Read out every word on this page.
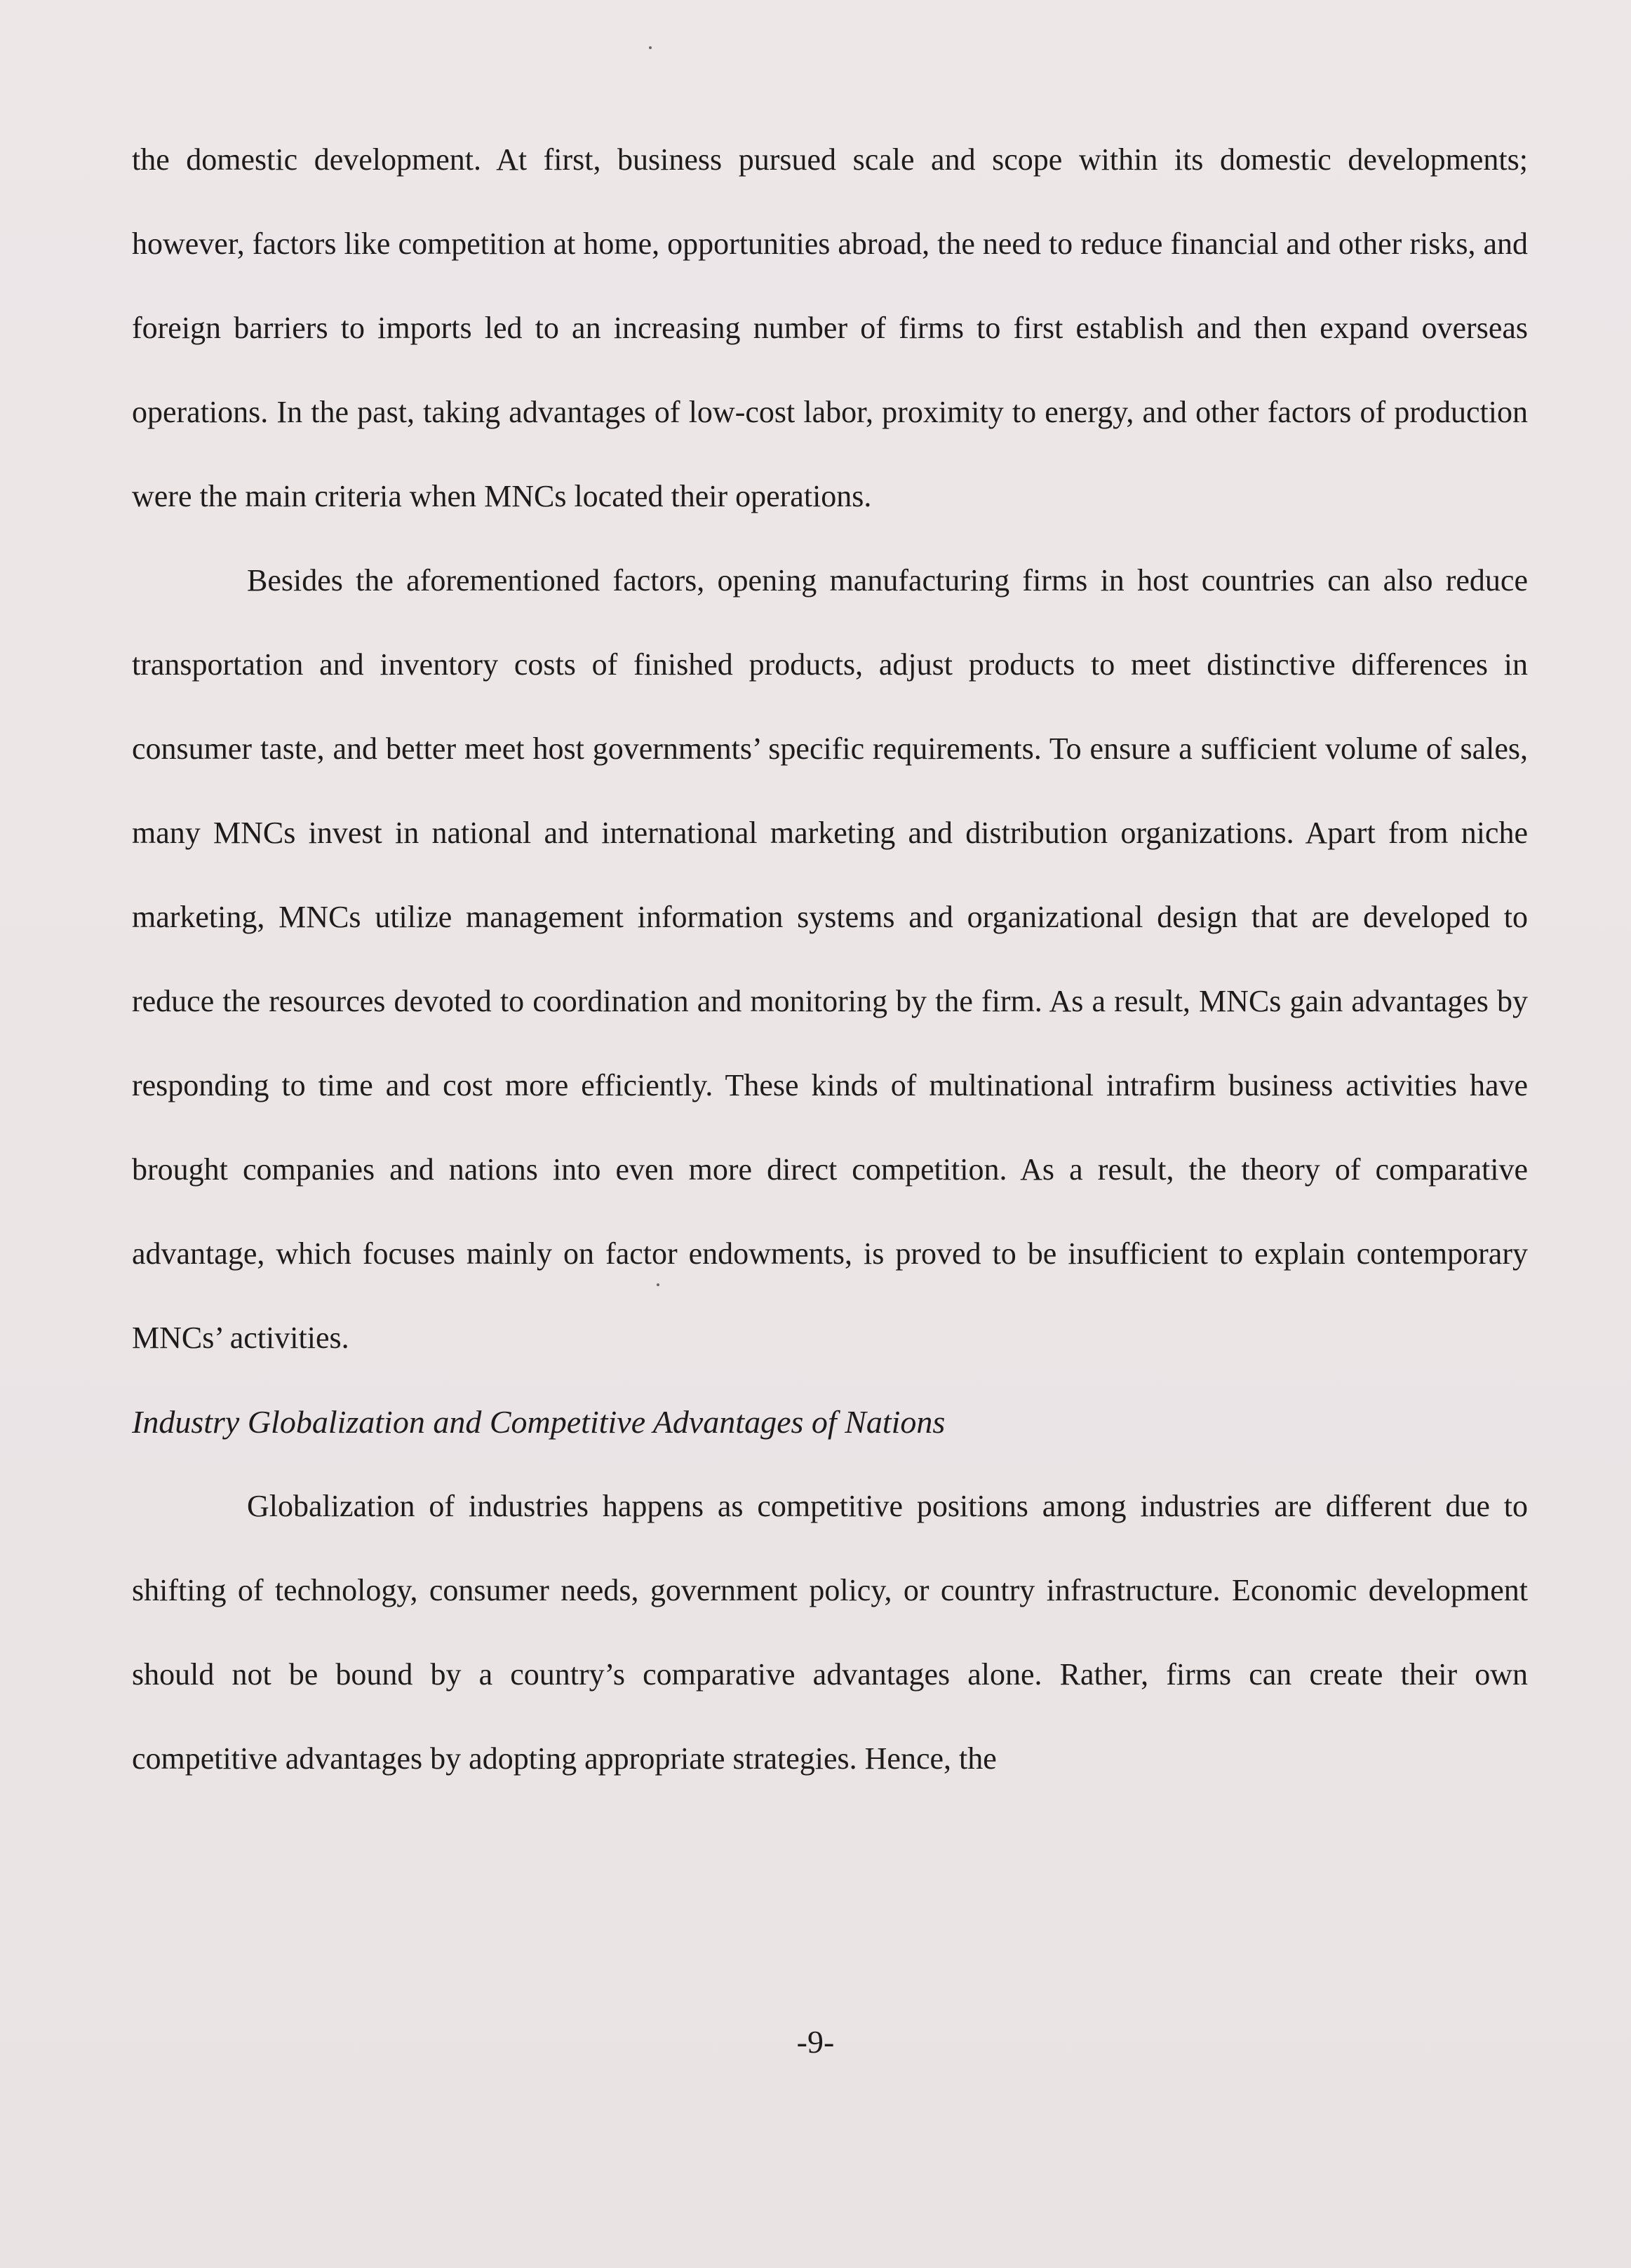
the domestic development. At first, business pursued scale and scope within its domestic developments; however, factors like competition at home, opportunities abroad, the need to reduce financial and other risks, and foreign barriers to imports led to an increasing number of firms to first establish and then expand overseas operations. In the past, taking advantages of low-cost labor, proximity to energy, and other factors of production were the main criteria when MNCs located their operations.

Besides the aforementioned factors, opening manufacturing firms in host countries can also reduce transportation and inventory costs of finished products, adjust products to meet distinctive differences in consumer taste, and better meet host governments’ specific requirements. To ensure a sufficient volume of sales, many MNCs invest in national and international marketing and distribution organizations. Apart from niche marketing, MNCs utilize management information systems and organizational design that are developed to reduce the resources devoted to coordination and monitoring by the firm. As a result, MNCs gain advantages by responding to time and cost more efficiently. These kinds of multinational intrafirm business activities have brought companies and nations into even more direct competition. As a result, the theory of comparative advantage, which focuses mainly on factor endowments, is proved to be insufficient to explain contemporary MNCs’ activities.

Industry Globalization and Competitive Advantages of Nations

Globalization of industries happens as competitive positions among industries are different due to shifting of technology, consumer needs, government policy, or country infrastructure. Economic development should not be bound by a country’s comparative advantages alone. Rather, firms can create their own competitive advantages by adopting appropriate strategies. Hence, the

-9-
